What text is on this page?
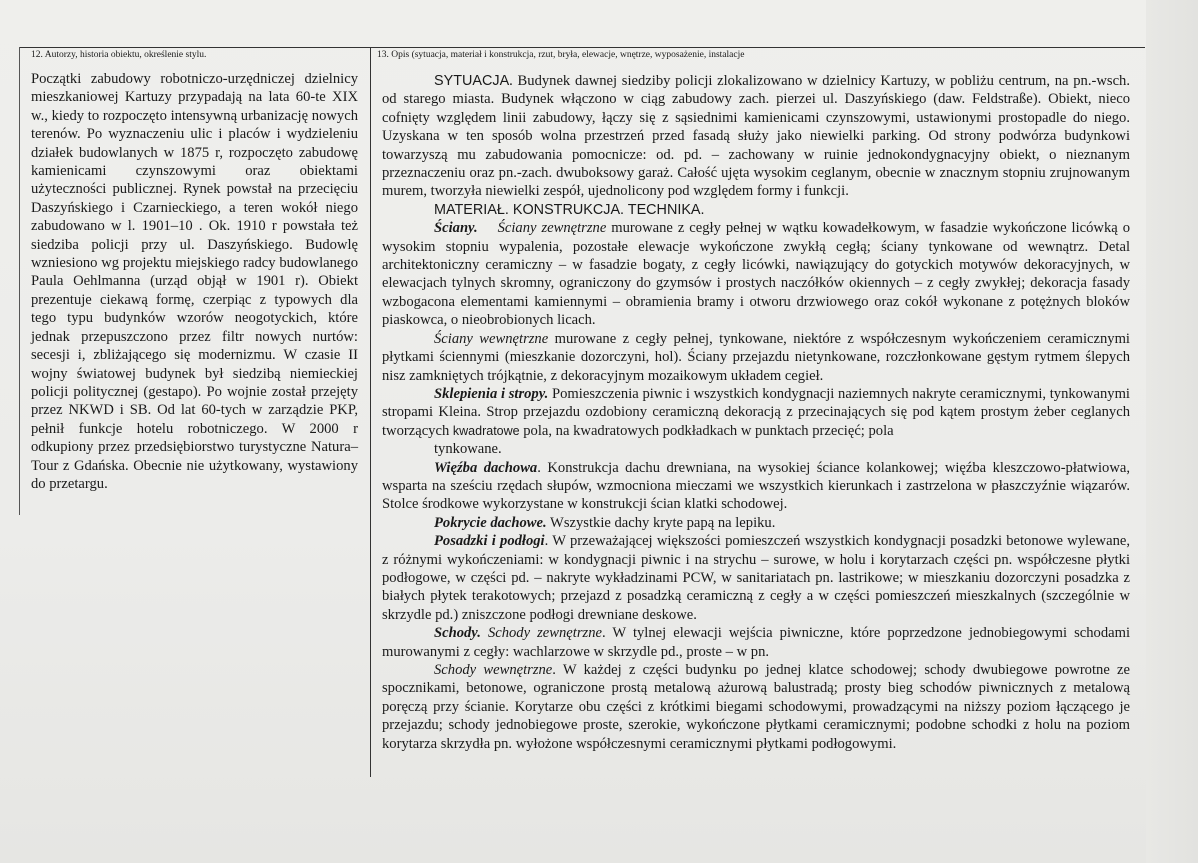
12. Autorzy, historia obiektu, określenie stylu.	13. Opis (sytuacja, materiał i konstrukcja, rzut, bryła, elewacje, wnętrze, wyposażenie, instalacje

Początki zabudowy robotniczo-urzędniczej dzielnicy mieszkaniowej Kartuzy przypadają na lata 60-te XIX w., kiedy to rozpoczęto intensywną urbanizację nowych terenów. Po wyznaczeniu ulic i placów i wydzieleniu działek budowlanych w 1875 r, rozpoczęto zabudowę kamienicami czynszowymi oraz obiektami użyteczności publicznej. Rynek powstał na przecięciu Daszyńskiego i Czarnieckiego, a teren wokół niego zabudowano w l. 1901–10 . Ok. 1910 r powstała też siedziba policji przy ul. Daszyńskiego. Budowlę wzniesiono wg projektu miejskiego radcy budowlanego Paula Oehlmanna (urząd objął w 1901 r). Obiekt prezentuje ciekawą formę, czerpiąc z typowych dla tego typu budynków wzorów neogotyckich, które jednak przepuszczono przez filtr nowych nurtów: secesji i, zbliżającego się modernizmu. W czasie II wojny światowej budynek był siedzibą niemieckiej policji politycznej (gestapo). Po wojnie został przejęty przez NKWD i SB. Od lat 60-tych w zarządzie PKP, pełnił funkcje hotelu robotniczego. W 2000 r odkupiony przez przedsiębiorstwo turystyczne Natura–Tour z Gdańska. Obecnie nie użytkowany, wystawiony do przetargu.

SYTUACJA. Budynek dawnej siedziby policji zlokalizowano w dzielnicy Kartuzy, w pobliżu centrum, na pn.-wsch. od starego miasta. Budynek włączono w ciąg zabudowy zach. pierzei ul. Daszyńskiego (daw. Feldstraße). Obiekt, nieco cofnięty względem linii zabudowy, łączy się z sąsiednimi kamienicami czynszowymi, ustawionymi prostopadle do niego. Uzyskana w ten sposób wolna przestrzeń przed fasadą służy jako niewielki parking. Od strony podwórza budynkowi towarzyszą mu zabudowania pomocnicze: od. pd. – zachowany w ruinie jednokondygnacyjny obiekt, o nieznanym przeznaczeniu oraz pn.-zach. dwuboksowy garaż. Całość ujęta wysokim ceglanym, obecnie w znacznym stopniu zrujnowanym murem, tworzyła niewielki zespół, ujednolicony pod względem formy i funkcji.

MATERIAŁ. KONSTRUKCJA. TECHNIKA.

Ściany. Ściany zewnętrzne murowane z cegły pełnej w wątku kowadełkowym, w fasadzie wykończone licówką o wysokim stopniu wypalenia, pozostałe elewacje wykończone zwykłą cegłą; ściany tynkowane od wewnątrz. Detal architektoniczny ceramiczny – w fasadzie bogaty, z cegły licówki, nawiązujący do gotyckich motywów dekoracyjnych, w elewacjach tylnych skromny, ograniczony do gzymsów i prostych naczółków okiennych – z cegły zwykłej; dekoracja fasady wzbogacona elementami kamiennymi – obramienia bramy i otworu drzwiowego oraz cokół wykonane z potężnych bloków piaskowca, o nieobrobionych licach.

Ściany wewnętrzne murowane z cegły pełnej, tynkowane, niektóre z współczesnym wykończeniem ceramicznymi płytkami ściennymi (mieszkanie dozorczyni, hol). Ściany przejazdu nietynkowane, rozczłonkowane gęstym rytmem ślepych nisz zamkniętych trójkątnie, z dekoracyjnym mozaikowym układem cegieł.

Sklepienia i stropy. Pomieszczenia piwnic i wszystkich kondygnacji naziemnych nakryte ceramicznymi, tynkowanymi stropami Kleina. Strop przejazdu ozdobiony ceramiczną dekoracją z przecinających się pod kątem prostym żeber ceglanych tworzących kwadratowe pola, na kwadratowych podkładkach w punktach przecięć; pola

tynkowane.

Więźba dachowa. Konstrukcja dachu drewniana, na wysokiej ściance kolankowej; więźba kleszczowo-płatwiowa, wsparta na sześciu rzędach słupów, wzmocniona mieczami we wszystkich kierunkach i zastrzelona w płaszczyźnie wiązarów. Stolce środkowe wykorzystane w konstrukcji ścian klatki schodowej.

Pokrycie dachowe. Wszystkie dachy kryte papą na lepiku.

Posadzki i podłogi. W przeważającej większości pomieszczeń wszystkich kondygnacji posadzki betonowe wylewane, z różnymi wykończeniami: w kondygnacji piwnic i na strychu – surowe, w holu i korytarzach części pn. współczesne płytki podłogowe, w części pd. – nakryte wykładzinami PCW, w sanitariatach pn. lastrikowe; w mieszkaniu dozorczyni posadzka z białych płytek terakotowych; przejazd z posadzką ceramiczną z cegły a w części pomieszczeń mieszkalnych (szczególnie w skrzydle pd.) zniszczone podłogi drewniane deskowe.

Schody. Schody zewnętrzne. W tylnej elewacji wejścia piwniczne, które poprzedzone jednobiegowymi schodami murowanymi z cegły: wachlarzowe w skrzydle pd., proste – w pn.

Schody wewnętrzne. W każdej z części budynku po jednej klatce schodowej; schody dwubiegowe powrotne ze spocznikami, betonowe, ograniczone prostą metalową ażurową balustradą; prosty bieg schodów piwnicznych z metalową poręczą przy ścianie. Korytarze obu części z krótkimi biegami schodowymi, prowadzącymi na niższy poziom łączącego je przejazdu; schody jednobiegowe proste, szerokie, wykończone płytkami ceramicznymi; podobne schodki z holu na poziom korytarza skrzydła pn. wyłożone współczesnymi ceramicznymi płytkami podłogowymi.
